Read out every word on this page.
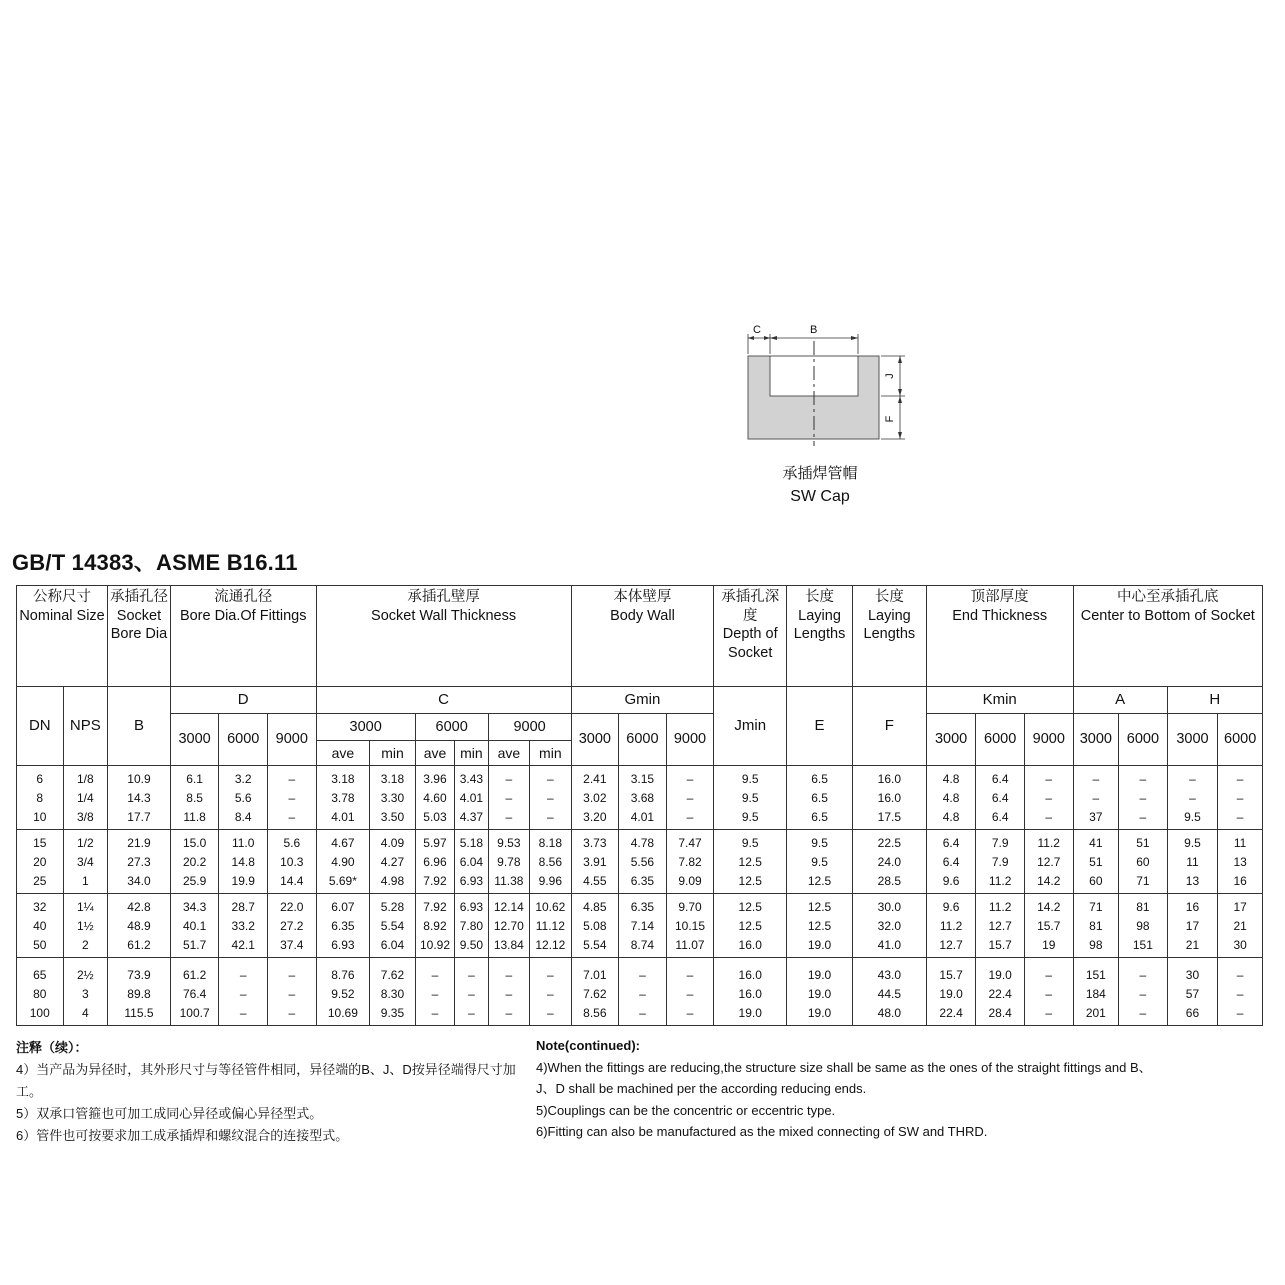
C	B
J
F
承插焊管帽
SW Cap
GB/T 14383、ASME B16.11
公称尺寸
Nominal Size		承插孔径
Socket Bore Dia	流通孔径
Bore Dia.Of Fittings			承插孔壁厚
Socket Wall Thickness						本体壁厚
Body Wall			承插孔深度
Depth of Socket	长度
Laying Lengths	长度
Laying Lengths	顶部厚度
End Thickness			中心至承插孔底
Center to Bottom of Socket			
DN	NPS	B	D			C						Gmin			Jmin	E	F	Kmin			A		H	
			3000	6000	9000	3000		6000		9000		3000	6000	9000				3000	6000	9000	3000	6000	3000	6000
						ave	min	ave	min	ave	min													
6	1/8	10.9	6.1	3.2	–	3.18	3.18	3.96	3.43	–	–	2.41	3.15	–	9.5	6.5	16.0	4.8	6.4	–	–	–	–	–
8	1/4	14.3	8.5	5.6	–	3.78	3.30	4.60	4.01	–	–	3.02	3.68	–	9.5	6.5	16.0	4.8	6.4	–	–	–	–	–
10	3/8	17.7	11.8	8.4	–	4.01	3.50	5.03	4.37	–	–	3.20	4.01	–	9.5	6.5	17.5	4.8	6.4	–	37	–	9.5	–
15	1/2	21.9	15.0	11.0	5.6	4.67	4.09	5.97	5.18	9.53	8.18	3.73	4.78	7.47	9.5	9.5	22.5	6.4	7.9	11.2	41	51	9.5	11
20	3/4	27.3	20.2	14.8	10.3	4.90	4.27	6.96	6.04	9.78	8.56	3.91	5.56	7.82	12.5	9.5	24.0	6.4	7.9	12.7	51	60	11	13
25	1	34.0	25.9	19.9	14.4	5.69*	4.98	7.92	6.93	11.38	9.96	4.55	6.35	9.09	12.5	12.5	28.5	9.6	11.2	14.2	60	71	13	16
32	1¼	42.8	34.3	28.7	22.0	6.07	5.28	7.92	6.93	12.14	10.62	4.85	6.35	9.70	12.5	12.5	30.0	9.6	11.2	14.2	71	81	16	17
40	1½	48.9	40.1	33.2	27.2	6.35	5.54	8.92	7.80	12.70	11.12	5.08	7.14	10.15	12.5	12.5	32.0	11.2	12.7	15.7	81	98	17	21
50	2	61.2	51.7	42.1	37.4	6.93	6.04	10.92	9.50	13.84	12.12	5.54	8.74	11.07	16.0	19.0	41.0	12.7	15.7	19	98	151	21	30
65	2½	73.9	61.2	–	–	8.76	7.62	–	–	–	–	7.01	–	–	16.0	19.0	43.0	15.7	19.0	–	151	–	30	–
80	3	89.8	76.4	–	–	9.52	8.30	–	–	–	–	7.62	–	–	16.0	19.0	44.5	19.0	22.4	–	184	–	57	–
100	4	115.5	100.7	–	–	10.69	9.35	–	–	–	–	8.56	–	–	19.0	19.0	48.0	22.4	28.4	–	201	–	66	–
注释（续）：
4）当产品为异径时，其外形尺寸与等径管件相同，异径端的B、J、D按异径端得尺寸加工。
5）双承口管箍也可加工成同心异径或偏心异径型式。
6）管件也可按要求加工成承插焊和螺纹混合的连接型式。
Note(continued):
4)When the fittings are reducing,the structure size shall be same as the ones of the straight fittings and B、
J、D shall be machined per the according reducing ends.
5)Couplings can be the concentric or eccentric type.
6)Fitting can also be manufactured as the mixed connecting of SW and THRD.
